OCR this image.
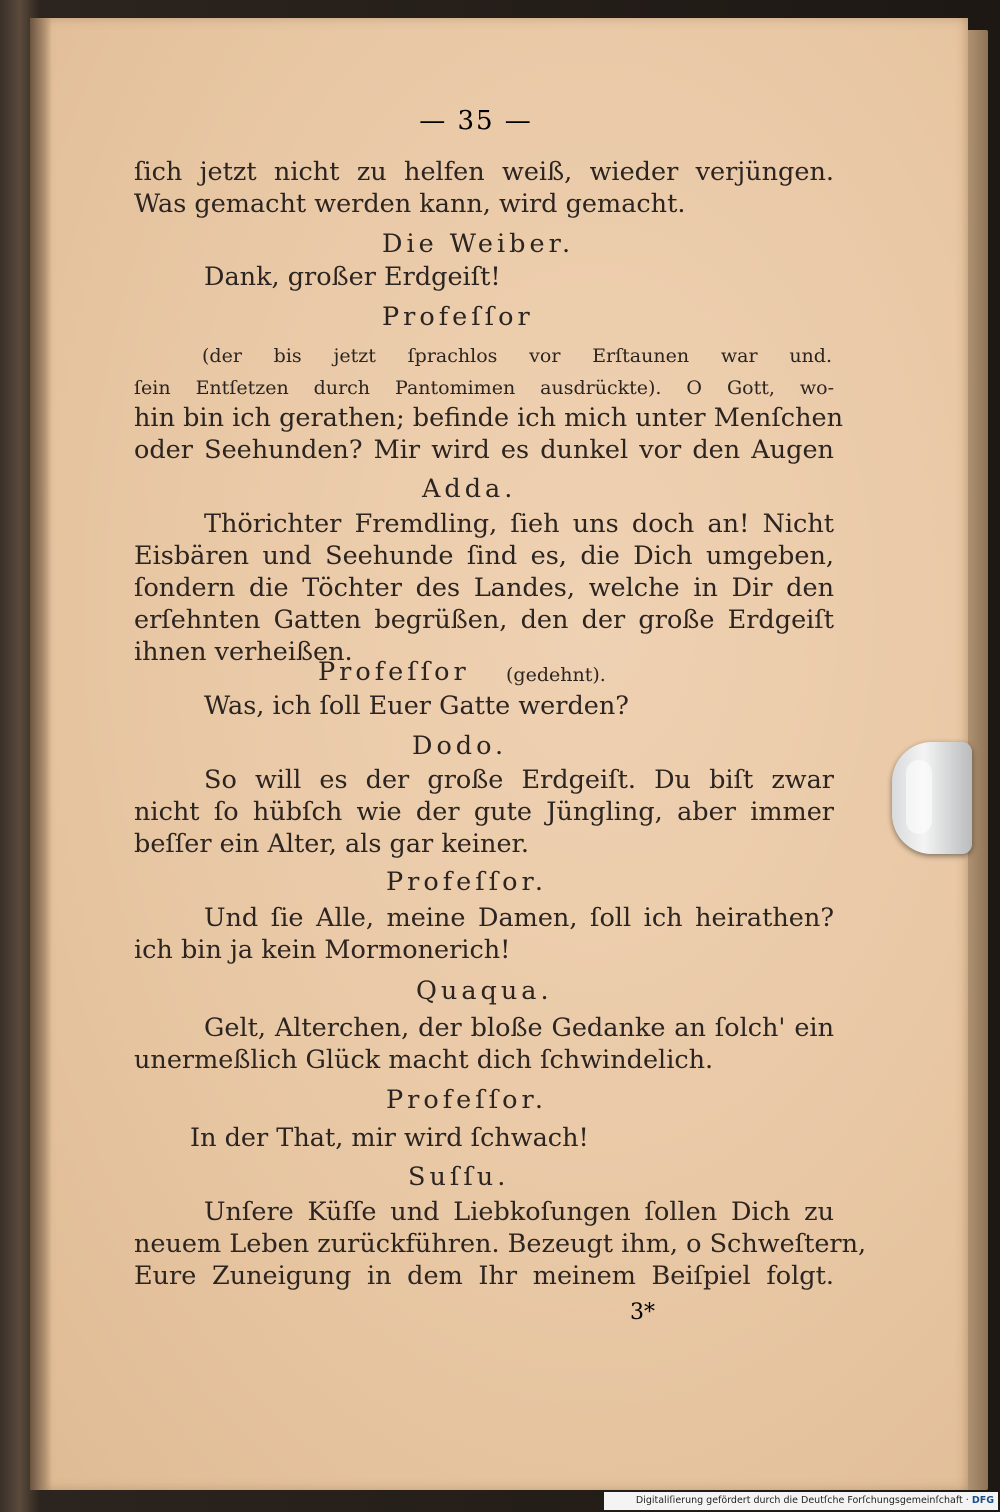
— 35 —
ſich jetzt nicht zu helfen weiß, wieder verjüngen.
Was gemacht werden kann, wird gemacht.
Die Weiber.
Dank, großer Erdgeiſt!
Profeſſor
(der bis jetzt ſprachlos vor Erſtaunen war und.
ſein Entſetzen durch Pantomimen ausdrückte). O Gott, wo-
hin bin ich gerathen; befinde ich mich unter Menſchen
oder Seehunden? Mir wird es dunkel vor den Augen
Adda.
Thörichter Fremdling, ſieh uns doch an! Nicht
Eisbären und Seehunde ſind es, die Dich umgeben,
ſondern die Töchter des Landes, welche in Dir den
erſehnten Gatten begrüßen, den der große Erdgeiſt
ihnen verheißen.
Profeſſor	(gedehnt).
Was, ich ſoll Euer Gatte werden?
Dodo.
So will es der große Erdgeiſt. Du biſt zwar
nicht ſo hübſch wie der gute Jüngling, aber immer
beſſer ein Alter, als gar keiner.
Profeſſor.
Und ſie Alle, meine Damen, ſoll ich heirathen?
ich bin ja kein Mormonerich!
Quaqua.
Gelt, Alterchen, der bloße Gedanke an ſolch' ein
unermeßlich Glück macht dich ſchwindelich.
Profeſſor.
In der That, mir wird ſchwach!
Suſſu.
Unſere Küſſe und Liebkoſungen ſollen Dich zu
neuem Leben zurückführen. Bezeugt ihm, o Schweſtern,
Eure Zuneigung in dem Ihr meinem Beiſpiel folgt.
3*
Digitaliſierung gefördert durch die Deutſche Forſchungsgemeinſchaft · DFG
